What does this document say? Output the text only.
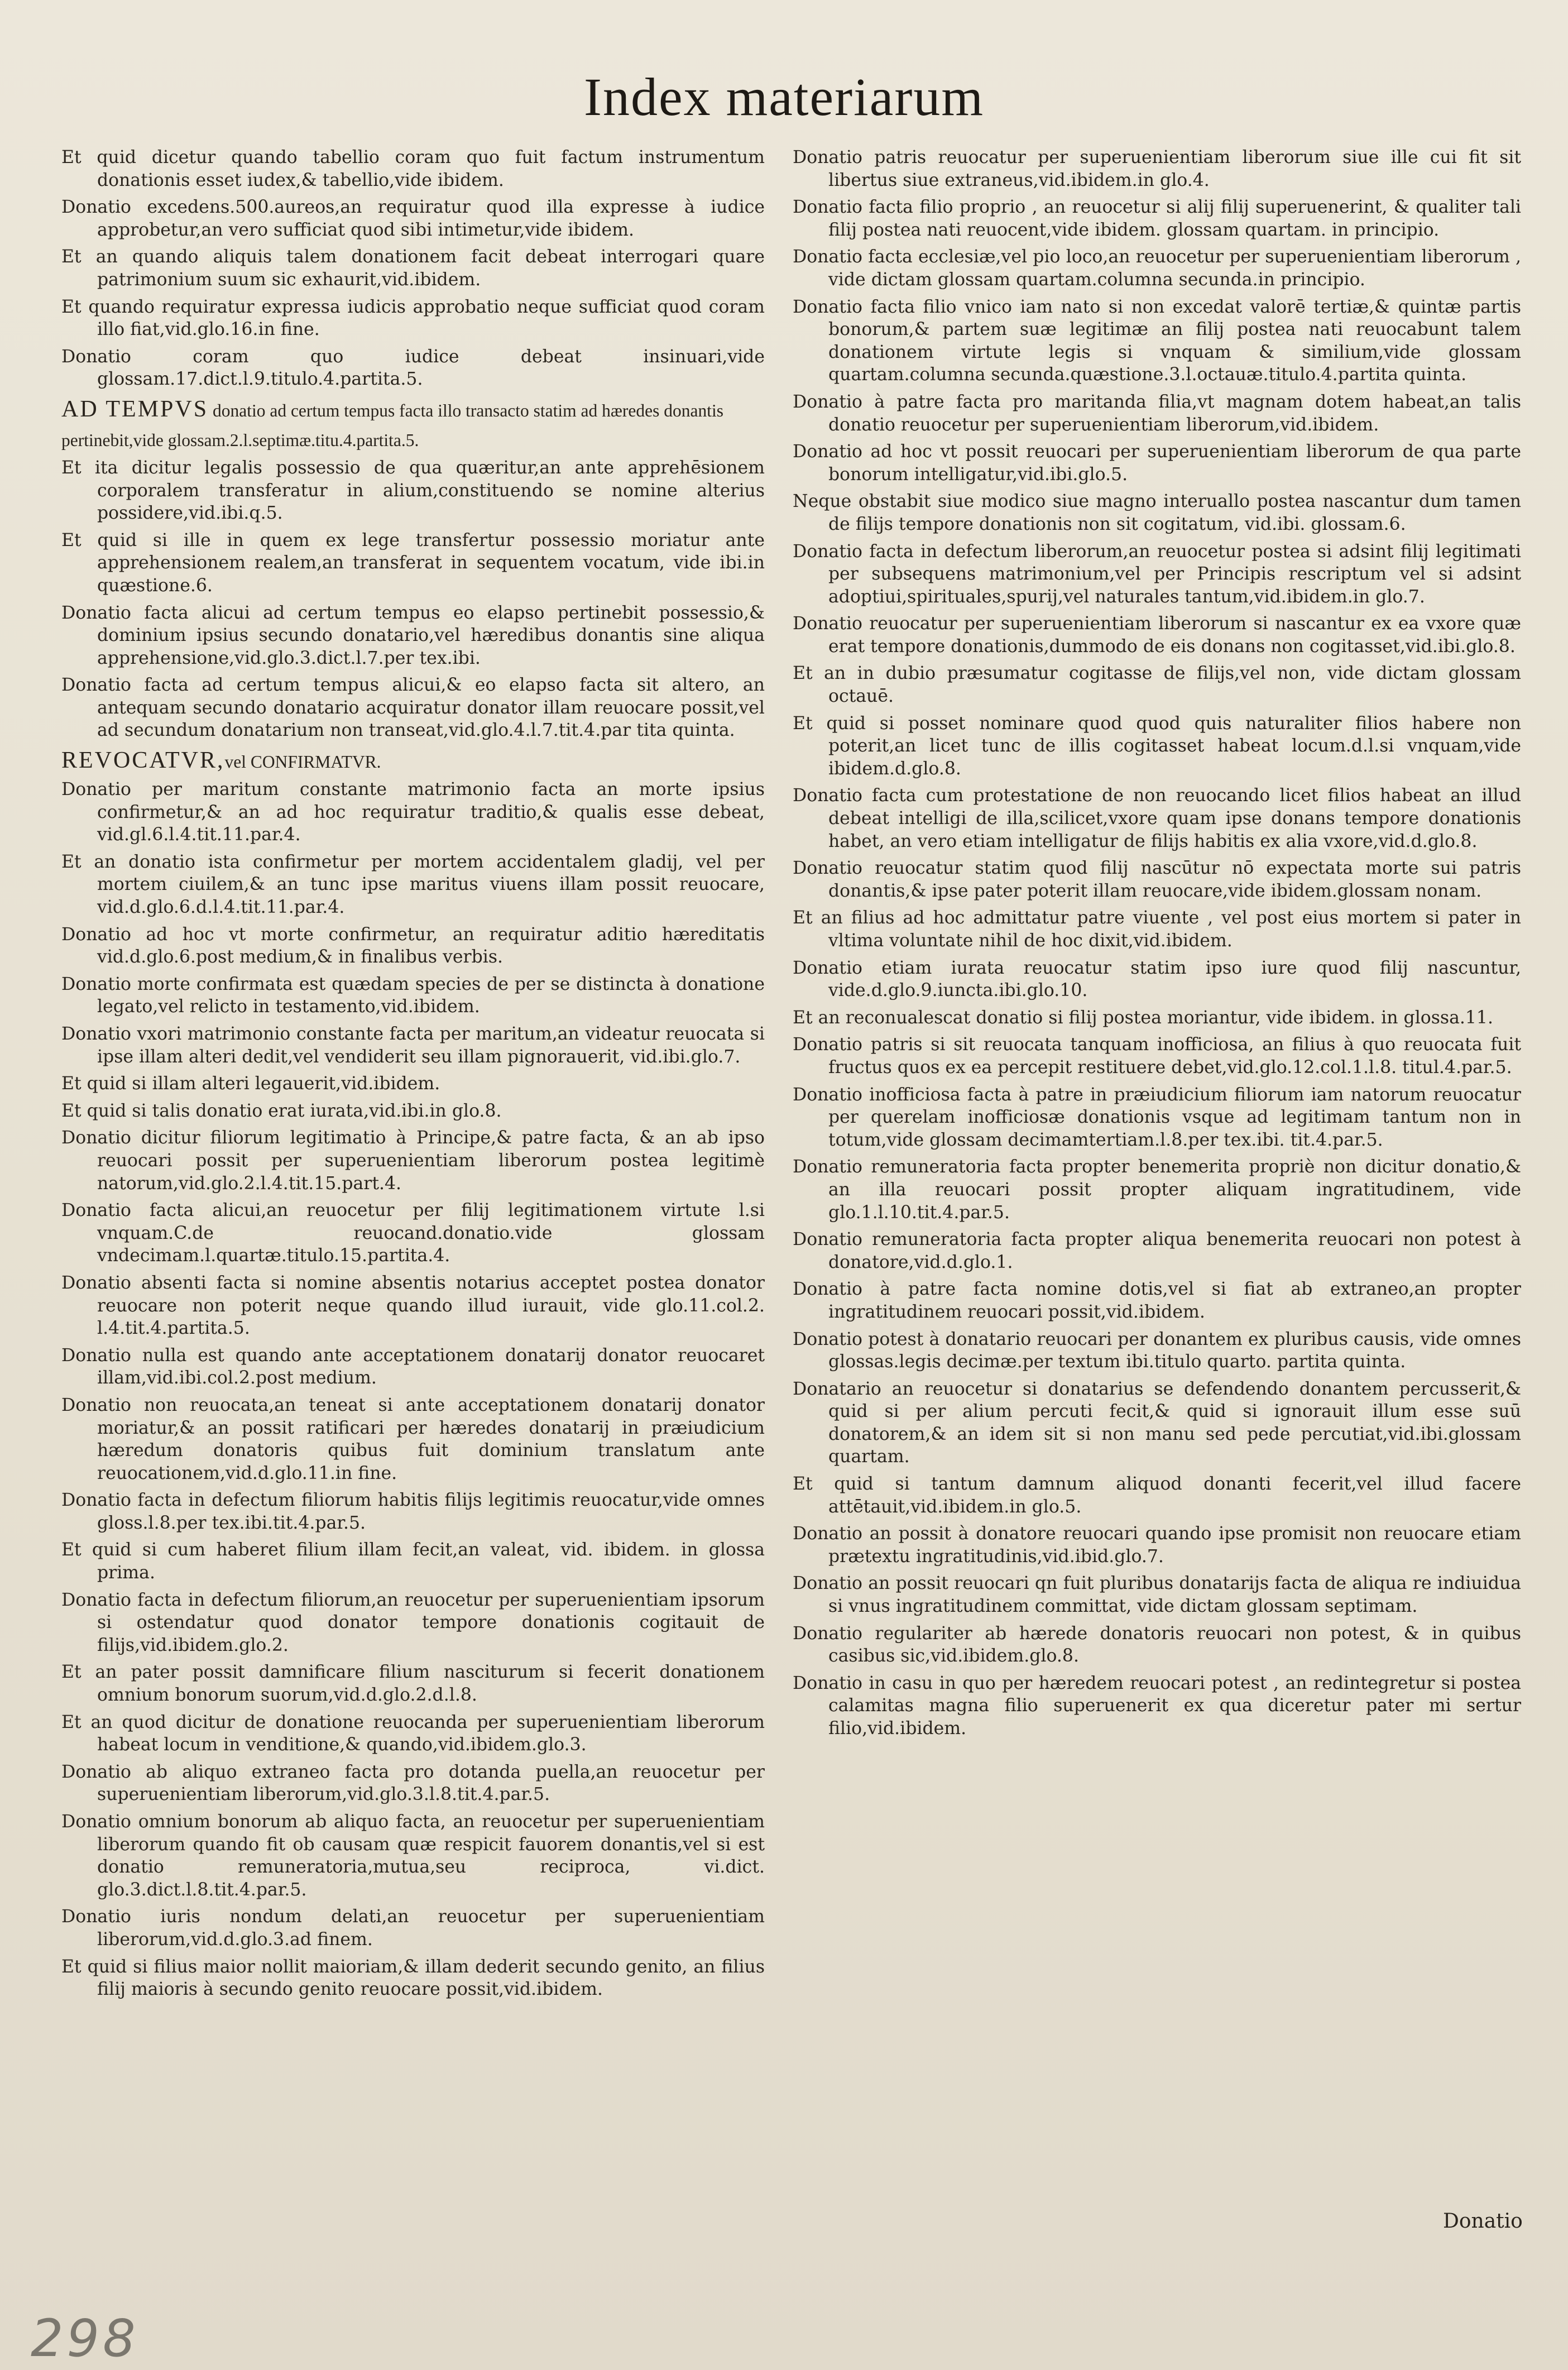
Index materiarum
Et quid dicetur quando tabellio coram quo fuit factum instrumentum donationis esset iudex,& tabellio,vide ibidem.
Donatio excedens.500.aureos,an requiratur quod illa expresse à iudice approbetur,an vero sufficiat quod sibi intimetur,vide ibidem.
Et an quando aliquis talem donationem facit debeat interrogari quare patrimonium suum sic exhaurit,vid.ibidem.
Et quando requiratur expressa iudicis approbatio neque sufficiat quod coram illo fiat,vid.glo.16.in fine.
Donatio coram quo iudice debeat insinuari,vide glossam.17.dict.l.9.titulo.4.partita.5.
AD TEMPVS donatio ad certum tempus facta illo transacto statim ad hæredes donantis pertinebit,vide glossam.2.l.septimæ.titu.4.partita.5.
Et ita dicitur legalis possessio de qua quæritur,an ante apprehēsionem corporalem transferatur in alium,constituendo se nomine alterius possidere,vid.ibi.q.5.
Et quid si ille in quem ex lege transfertur possessio moriatur ante apprehensionem realem,an transferat in sequentem vocatum, vide ibi.in quæstione.6.
Donatio facta alicui ad certum tempus eo elapso pertinebit possessio,& dominium ipsius secundo donatario,vel hæredibus donantis sine aliqua apprehensione,vid.glo.3.dict.l.7.per tex.ibi.
Donatio facta ad certum tempus alicui,& eo elapso facta sit altero, an antequam secundo donatario acquiratur donator illam reuocare possit,vel ad secundum donatarium non transeat,vid.glo.4.l.7.tit.4.par tita quinta.
REVOCATVR,vel CONFIRMATVR.
Donatio per maritum constante matrimonio facta an morte ipsius confirmetur,& an ad hoc requiratur traditio,& qualis esse debeat, vid.gl.6.l.4.tit.11.par.4.
Et an donatio ista confirmetur per mortem accidentalem gladij, vel per mortem ciuilem,& an tunc ipse maritus viuens illam possit reuocare, vid.d.glo.6.d.l.4.tit.11.par.4.
Donatio ad hoc vt morte confirmetur, an requiratur aditio hæreditatis vid.d.glo.6.post medium,& in finalibus verbis.
Donatio morte confirmata est quædam species de per se distincta à donatione legato,vel relicto in testamento,vid.ibidem.
Donatio vxori matrimonio constante facta per maritum,an videatur reuocata si ipse illam alteri dedit,vel vendiderit seu illam pignorauerit, vid.ibi.glo.7.
Et quid si illam alteri legauerit,vid.ibidem.
Et quid si talis donatio erat iurata,vid.ibi.in glo.8.
Donatio dicitur filiorum legitimatio à Principe,& patre facta, & an ab ipso reuocari possit per superuenientiam liberorum postea legitimè natorum,vid.glo.2.l.4.tit.15.part.4.
Donatio facta alicui,an reuocetur per filij legitimationem virtute l.si vnquam.C.de reuocand.donatio.vide glossam vndecimam.l.quartæ.titulo.15.partita.4.
Donatio absenti facta si nomine absentis notarius acceptet postea donator reuocare non poterit neque quando illud iurauit, vide glo.11.col.2. l.4.tit.4.partita.5.
Donatio nulla est quando ante acceptationem donatarij donator reuocaret illam,vid.ibi.col.2.post medium.
Donatio non reuocata,an teneat si ante acceptationem donatarij donator moriatur,& an possit ratificari per hæredes donatarij in præiudicium hæredum donatoris quibus fuit dominium translatum ante reuocationem,vid.d.glo.11.in fine.
Donatio facta in defectum filiorum habitis filijs legitimis reuocatur,vide omnes gloss.l.8.per tex.ibi.tit.4.par.5.
Et quid si cum haberet filium illam fecit,an valeat, vid. ibidem. in glossa prima.
Donatio facta in defectum filiorum,an reuocetur per superuenientiam ipsorum si ostendatur quod donator tempore donationis cogitauit de filijs,vid.ibidem.glo.2.
Et an pater possit damnificare filium nasciturum si fecerit donationem omnium bonorum suorum,vid.d.glo.2.d.l.8.
Et an quod dicitur de donatione reuocanda per superuenientiam liberorum habeat locum in venditione,& quando,vid.ibidem.glo.3.
Donatio ab aliquo extraneo facta pro dotanda puella,an reuocetur per superuenientiam liberorum,vid.glo.3.l.8.tit.4.par.5.
Donatio omnium bonorum ab aliquo facta, an reuocetur per superuenientiam liberorum quando fit ob causam quæ respicit fauorem donantis,vel si est donatio remuneratoria,mutua,seu reciproca, vi.dict. glo.3.dict.l.8.tit.4.par.5.
Donatio iuris nondum delati,an reuocetur per superuenientiam liberorum,vid.d.glo.3.ad finem.
Et quid si filius maior nollit maioriam,& illam dederit secundo genito, an filius filij maioris à secundo genito reuocare possit,vid.ibidem.
Donatio patris reuocatur per superuenientiam liberorum siue ille cui fit sit libertus siue extraneus,vid.ibidem.in glo.4.
Donatio facta filio proprio , an reuocetur si alij filij superuenerint, & qualiter tali filij postea nati reuocent,vide ibidem. glossam quartam. in principio.
Donatio facta ecclesiæ,vel pio loco,an reuocetur per superuenientiam liberorum , vide dictam glossam quartam.columna secunda.in principio.
Donatio facta filio vnico iam nato si non excedat valorē tertiæ,& quintæ partis bonorum,& partem suæ legitimæ an filij postea nati reuocabunt talem donationem virtute legis si vnquam & similium,vide glossam quartam.columna secunda.quæstione.3.l.octauæ.titulo.4.partita quinta.
Donatio à patre facta pro maritanda filia,vt magnam dotem habeat,an talis donatio reuocetur per superuenientiam liberorum,vid.ibidem.
Donatio ad hoc vt possit reuocari per superuenientiam liberorum de qua parte bonorum intelligatur,vid.ibi.glo.5.
Neque obstabit siue modico siue magno interuallo postea nascantur dum tamen de filijs tempore donationis non sit cogitatum, vid.ibi. glossam.6.
Donatio facta in defectum liberorum,an reuocetur postea si adsint filij legitimati per subsequens matrimonium,vel per Principis rescriptum vel si adsint adoptiui,spirituales,spurij,vel naturales tantum,vid.ibidem.in glo.7.
Donatio reuocatur per superuenientiam liberorum si nascantur ex ea vxore quæ erat tempore donationis,dummodo de eis donans non cogitasset,vid.ibi.glo.8.
Et an in dubio præsumatur cogitasse de filijs,vel non, vide dictam glossam octauē.
Et quid si posset nominare quod quod quis naturaliter filios habere non poterit,an licet tunc de illis cogitasset habeat locum.d.l.si vnquam,vide ibidem.d.glo.8.
Donatio facta cum protestatione de non reuocando licet filios habeat an illud debeat intelligi de illa,scilicet,vxore quam ipse donans tempore donationis habet, an vero etiam intelligatur de filijs habitis ex alia vxore,vid.d.glo.8.
Donatio reuocatur statim quod filij nascūtur nō expectata morte sui patris donantis,& ipse pater poterit illam reuocare,vide ibidem.glossam nonam.
Et an filius ad hoc admittatur patre viuente , vel post eius mortem si pater in vltima voluntate nihil de hoc dixit,vid.ibidem.
Donatio etiam iurata reuocatur statim ipso iure quod filij nascuntur, vide.d.glo.9.iuncta.ibi.glo.10.
Et an reconualescat donatio si filij postea moriantur, vide ibidem. in glossa.11.
Donatio patris si sit reuocata tanquam inofficiosa, an filius à quo reuocata fuit fructus quos ex ea percepit restituere debet,vid.glo.12.col.1.l.8. titul.4.par.5.
Donatio inofficiosa facta à patre in præiudicium filiorum iam natorum reuocatur per querelam inofficiosæ donationis vsque ad legitimam tantum non in totum,vide glossam decimamtertiam.l.8.per tex.ibi. tit.4.par.5.
Donatio remuneratoria facta propter benemerita propriè non dicitur donatio,& an illa reuocari possit propter aliquam ingratitudinem, vide glo.1.l.10.tit.4.par.5.
Donatio remuneratoria facta propter aliqua benemerita reuocari non potest à donatore,vid.d.glo.1.
Donatio à patre facta nomine dotis,vel si fiat ab extraneo,an propter ingratitudinem reuocari possit,vid.ibidem.
Donatio potest à donatario reuocari per donantem ex pluribus causis, vide omnes glossas.legis decimæ.per textum ibi.titulo quarto. partita quinta.
Donatario an reuocetur si donatarius se defendendo donantem percusserit,& quid si per alium percuti fecit,& quid si ignorauit illum esse suū donatorem,& an idem sit si non manu sed pede percutiat,vid.ibi.glossam quartam.
Et quid si tantum damnum aliquod donanti fecerit,vel illud facere attētauit,vid.ibidem.in glo.5.
Donatio an possit à donatore reuocari quando ipse promisit non reuocare etiam prætextu ingratitudinis,vid.ibid.glo.7.
Donatio an possit reuocari qn fuit pluribus donatarijs facta de aliqua re indiuidua si vnus ingratitudinem committat, vide dictam glossam septimam.
Donatio regulariter ab hærede donatoris reuocari non potest, & in quibus casibus sic,vid.ibidem.glo.8.
Donatio in casu in quo per hæredem reuocari potest , an redintegretur si postea calamitas magna filio superuenerit ex qua diceretur pater mi sertur filio,vid.ibidem.
Donatio
298
